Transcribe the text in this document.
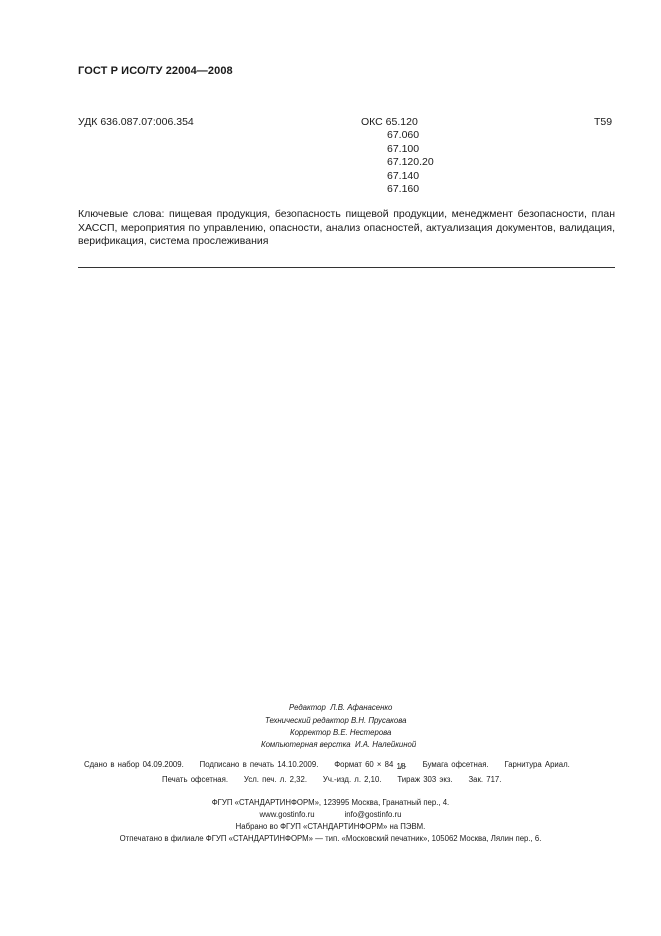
ГОСТ Р ИСО/ТУ 22004—2008
УДК 636.087.07:006.354	ОКС 65.120
67.060
67.100
67.120.20
67.140
67.160
Т59
Ключевые слова: пищевая продукция, безопасность пищевой продукции, менеджмент безопасности, план ХАССП, мероприятия по управлению, опасности, анализ опасностей, актуализация документов, валидация, верификация, система прослеживания
Редактор Л.В. Афанасенко
Технический редактор В.Н. Прусакова
Корректор В.Е. Нестерова
Компьютерная верстка И.А. Налейкиной
Сдано в набор 04.09.2009. Подписано в печать 14.10.2009. Формат 60 × 84 1/8.     Бумага офсетная. Гарнитура Ариал.
Печать офсетная. Усл. печ. л. 2,32. Уч.-изд. л. 2,10. Тираж 303 экз. Зак. 717.
ФГУП «СТАНДАРТИНФОРМ», 123995 Москва, Гранатный пер., 4.
www.gostinfo.ru	info@gostinfo.ru
Набрано во ФГУП «СТАНДАРТИНФОРМ» на ПЭВМ.
Отпечатано в филиале ФГУП «СТАНДАРТИНФОРМ» — тип. «Московский печатник», 105062 Москва, Лялин пер., 6.
